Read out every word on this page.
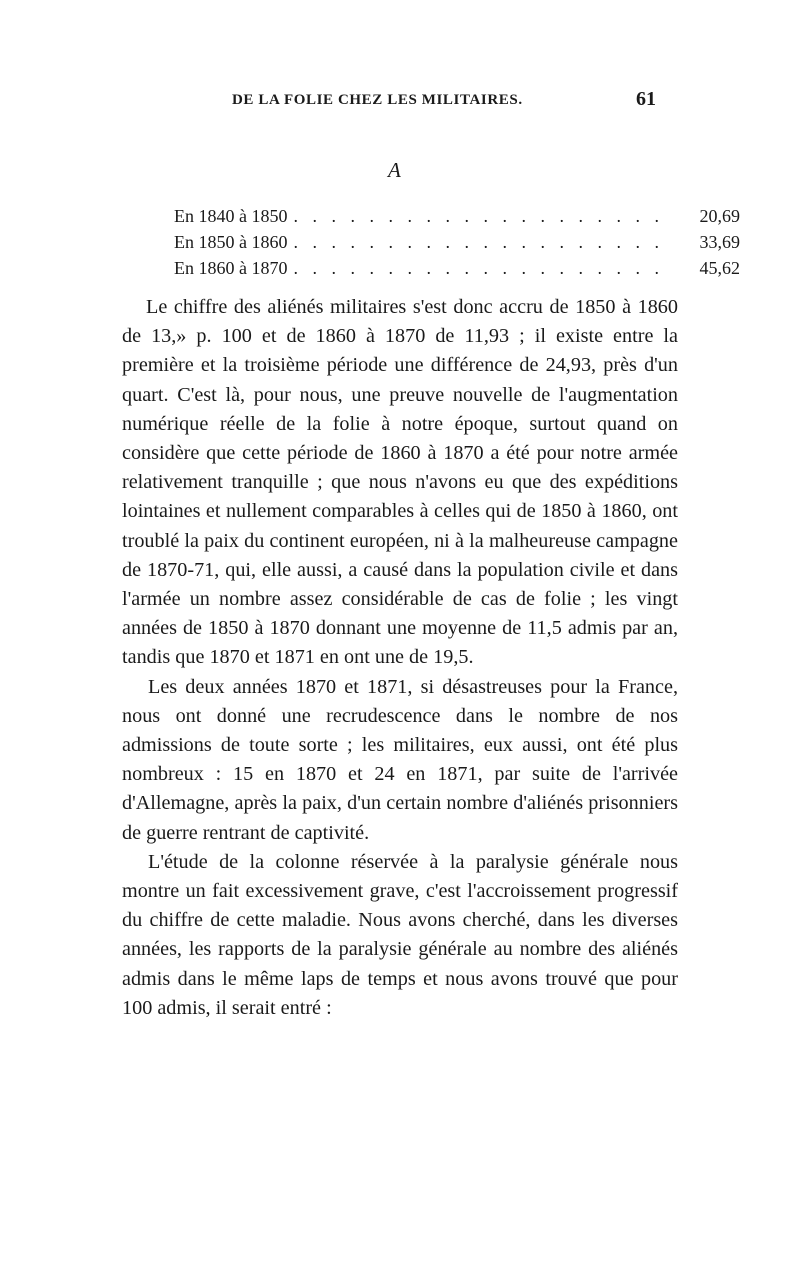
DE LA FOLIE CHEZ LES MILITAIRES.	61
A
En 1840 à 1850 . . . . . . . . . . . . . . . . . . . .	20,69
En 1850 à 1860 . . . . . . . . . . . . . . . . . . . .	33,69
En 1860 à 1870 . . . . . . . . . . . . . . . . . . . .	45,62

Le chiffre des aliénés militaires s'est donc accru de 1850 à 1860 de 13,» p. 100 et de 1860 à 1870 de 11,93 ; il existe entre la première et la troisième période une différence de 24,93, près d'un quart. C'est là, pour nous, une preuve nouvelle de l'augmentation numérique réelle de la folie à notre époque, surtout quand on considère que cette période de 1860 à 1870 a été pour notre armée relativement tranquille ; que nous n'avons eu que des expéditions lointaines et nullement comparables à celles qui de 1850 à 1860, ont troublé la paix du continent européen, ni à la malheureuse campagne de 1870-71, qui, elle aussi, a causé dans la population civile et dans l'armée un nombre assez considérable de cas de folie ; les vingt années de 1850 à 1870 donnant une moyenne de 11,5 admis par an, tandis que 1870 et 1871 en ont une de 19,5.

Les deux années 1870 et 1871, si désastreuses pour la France, nous ont donné une recrudescence dans le nombre de nos admissions de toute sorte ; les militaires, eux aussi, ont été plus nombreux : 15 en 1870 et 24 en 1871, par suite de l'arrivée d'Allemagne, après la paix, d'un certain nombre d'aliénés prisonniers de guerre rentrant de captivité.

L'étude de la colonne réservée à la paralysie générale nous montre un fait excessivement grave, c'est l'accroissement progressif du chiffre de cette maladie. Nous avons cherché, dans les diverses années, les rapports de la paralysie générale au nombre des aliénés admis dans le même laps de temps et nous avons trouvé que pour 100 admis, il serait entré :
